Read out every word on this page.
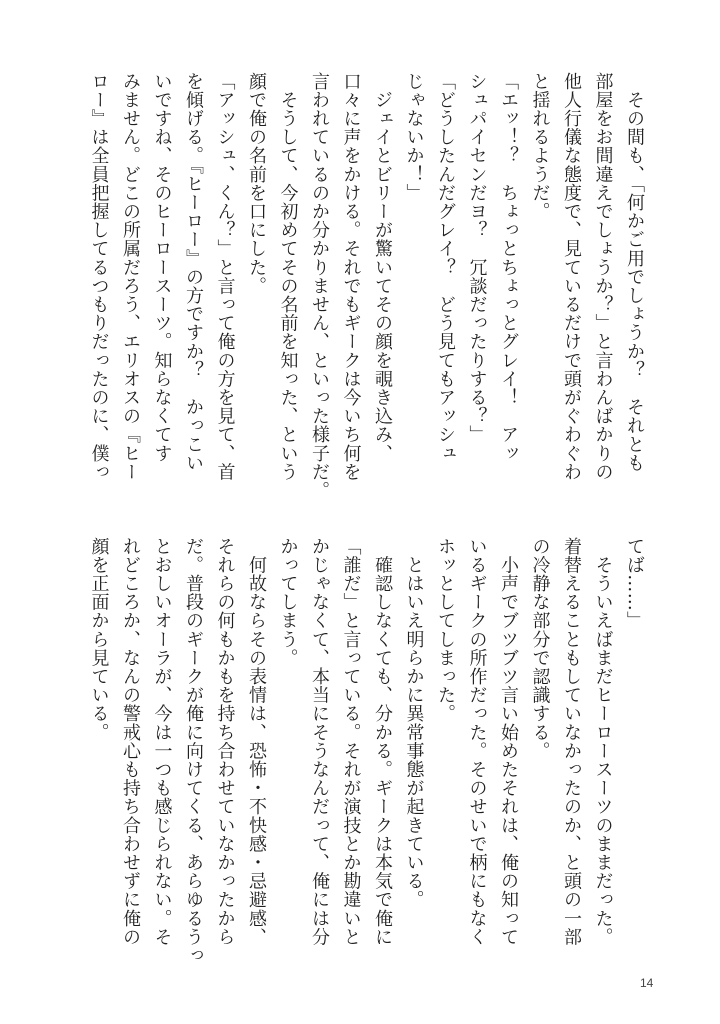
　その間も、「何かご用でしょうか？　それとも
部屋をお間違えでしょうか？」と言わんばかりの
他人行儀な態度で、見ているだけで頭がぐわぐわ
と揺れるようだ。
「エッ！？　ちょっとちょっとグレイ！　アッ
シュパイセンだヨ？　冗談だったりする？」
「どうしたんだグレイ？　どう見てもアッシュ
じゃないか！」
　ジェイとビリーが驚いてその顔を覗き込み、
口々に声をかける。それでもギークは今いち何を
言われているのか分かりません、といった様子だ。
　そうして、今初めてその名前を知った、という
顔で俺の名前を口にした。
「アッシュ、くん？」と言って俺の方を見て、首
を傾げる。『ヒーロー』の方ですか？　かっこい
いですね、そのヒーロースーツ。知らなくてす
みません。どこの所属だろう、エリオスの『ヒー
ロー』は全員把握してるつもりだったのに、僕っ
てば……」
　そういえばまだヒーロースーツのままだった。
着替えることもしていなかったのか、と頭の一部
の冷静な部分で認識する。
　小声でブツブツ言い始めたそれは、俺の知って
いるギークの所作だった。そのせいで柄にもなく
ホッとしてしまった。
　とはいえ明らかに異常事態が起きている。
　確認しなくても、分かる。ギークは本気で俺に
「誰だ」と言っている。それが演技とか勘違いと
かじゃなくて、本当にそうなんだって、俺には分
かってしまう。
　何故ならその表情は、恐怖・不快感・忌避感、
それらの何もかもを持ち合わせていなかったから
だ。普段のギークが俺に向けてくる、あらゆるうっ
とおしいオーラが、今は一つも感じられない。そ
れどころか、なんの警戒心も持ち合わせずに俺の
顔を正面から見ている。
14
